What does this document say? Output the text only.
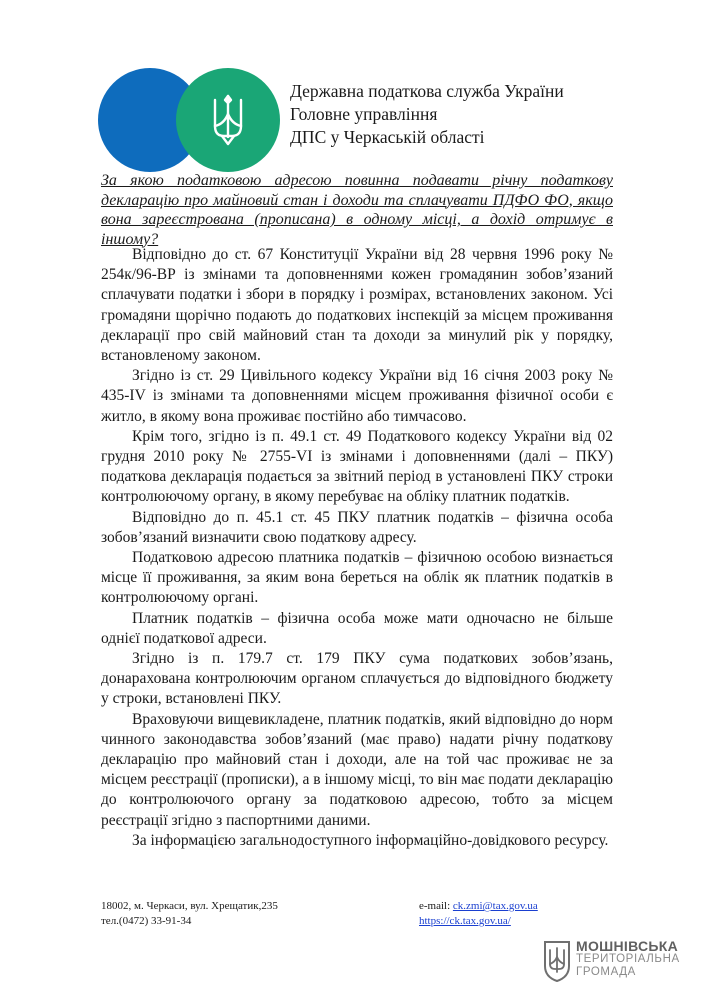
Державна податкова служба України
Головне управління
ДПС у Черкаській області
За якою податковою адресою повинна подавати річну податкову декларацію про майновий стан і доходи та сплачувати ПДФО ФО, якщо вона зареєстрована (прописана) в одному місці, а дохід отримує в іншому?

Відповідно до ст. 67 Конституції України від 28 червня 1996 року № 254к/96-ВР із змінами та доповненнями кожен громадянин зобов’язаний сплачувати податки і збори в порядку і розмірах, встановлених законом. Усі громадяни щорічно подають до податкових інспекцій за місцем проживання декларації про свій майновий стан та доходи за минулий рік у порядку, встановленому законом.

Згідно із ст. 29 Цивільного кодексу України від 16 січня 2003 року № 435-IV із змінами та доповненнями місцем проживання фізичної особи є житло, в якому вона проживає постійно або тимчасово.

Крім того, згідно із п. 49.1 ст. 49 Податкового кодексу України від 02 грудня 2010 року № 2755-VI із змінами і доповненнями (далі – ПКУ) податкова декларація подається за звітний період в установлені ПКУ строки контролюючому органу, в якому перебуває на обліку платник податків.

Відповідно до п. 45.1 ст. 45 ПКУ платник податків – фізична особа зобов’язаний визначити свою податкову адресу.

Податковою адресою платника податків – фізичною особою визнається місце її проживання, за яким вона береться на облік як платник податків в контролюючому органі.

Платник податків – фізична особа може мати одночасно не більше однієї податкової адреси.

Згідно із п. 179.7 ст. 179 ПКУ сума податкових зобов’язань, донарахована контролюючим органом сплачується до відповідного бюджету у строки, встановлені ПКУ.

Враховуючи вищевикладене, платник податків, який відповідно до норм чинного законодавства зобов’язаний (має право) надати річну податкову декларацію про майновий стан і доходи, але на той час проживає не за місцем реєстрації (прописки), а в іншому місці, то він має подати декларацію до контролюючого органу за податковою адресою, тобто за місцем реєстрації згідно з паспортними даними.

За інформацією загальнодоступного інформаційно-довідкового ресурсу.

18002, м. Черкаси, вул. Хрещатик,235
тел.(0472) 33-91-34
e-mail: ck.zmi@tax.gov.ua
https://ck.tax.gov.ua/
МОШНІВСЬКА
ТЕРИТОРІАЛЬНА
ГРОМАДА
